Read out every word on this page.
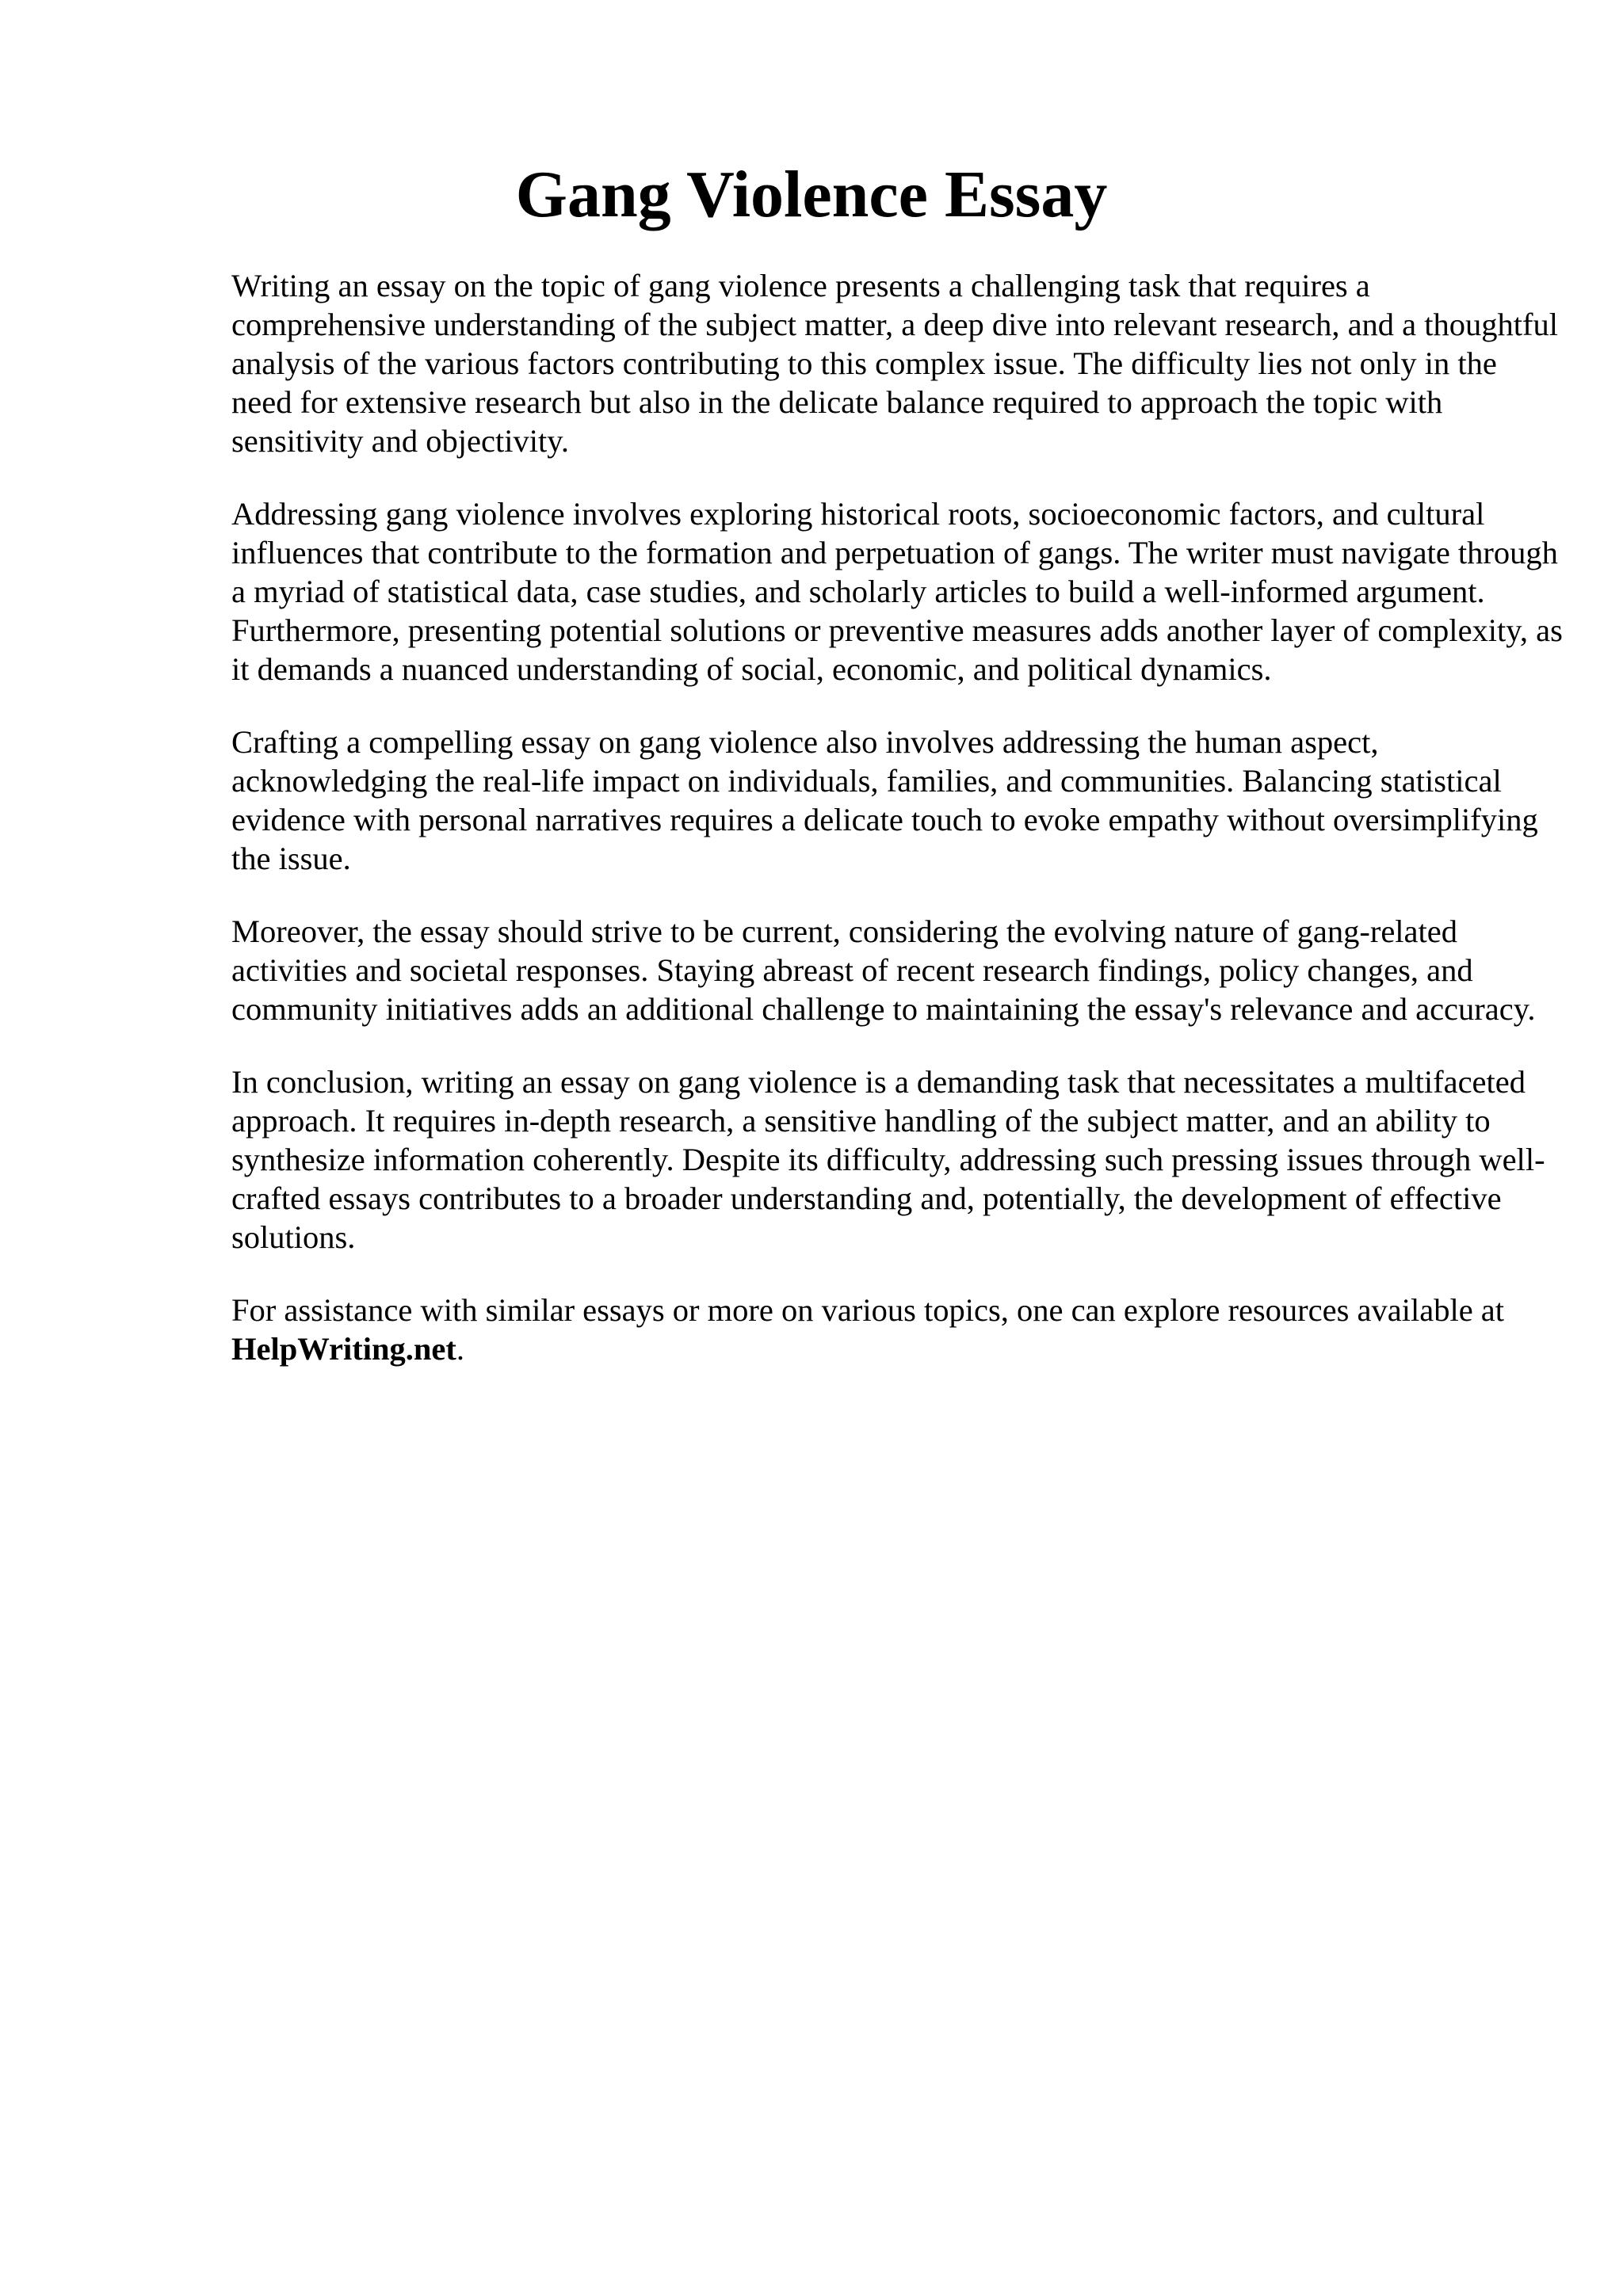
Gang Violence Essay

Writing an essay on the topic of gang violence presents a challenging task that requires a comprehensive understanding of the subject matter, a deep dive into relevant research, and a thoughtful analysis of the various factors contributing to this complex issue. The difficulty lies not only in the need for extensive research but also in the delicate balance required to approach the topic with sensitivity and objectivity.

Addressing gang violence involves exploring historical roots, socioeconomic factors, and cultural influences that contribute to the formation and perpetuation of gangs. The writer must navigate through a myriad of statistical data, case studies, and scholarly articles to build a well-informed argument. Furthermore, presenting potential solutions or preventive measures adds another layer of complexity, as it demands a nuanced understanding of social, economic, and political dynamics.

Crafting a compelling essay on gang violence also involves addressing the human aspect, acknowledging the real-life impact on individuals, families, and communities. Balancing statistical evidence with personal narratives requires a delicate touch to evoke empathy without oversimplifying the issue.

Moreover, the essay should strive to be current, considering the evolving nature of gang-related activities and societal responses. Staying abreast of recent research findings, policy changes, and community initiatives adds an additional challenge to maintaining the essay's relevance and accuracy.

In conclusion, writing an essay on gang violence is a demanding task that necessitates a multifaceted approach. It requires in-depth research, a sensitive handling of the subject matter, and an ability to synthesize information coherently. Despite its difficulty, addressing such pressing issues through well-crafted essays contributes to a broader understanding and, potentially, the development of effective solutions.

For assistance with similar essays or more on various topics, one can explore resources available at HelpWriting.net.
